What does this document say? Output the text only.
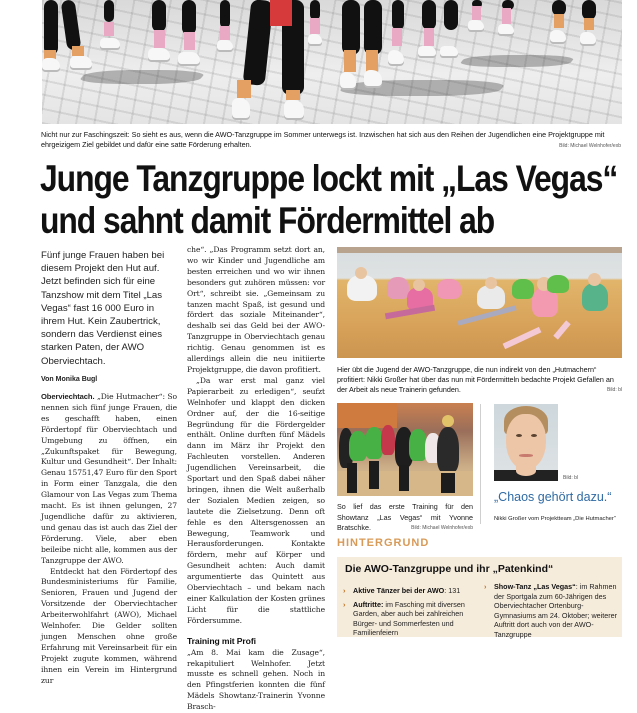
Nicht nur zur Faschingszeit: So sieht es aus, wenn die AWO-Tanzgruppe im Sommer unterwegs ist. Inzwischen hat sich aus den Reihen der Jugendlichen eine Projektgruppe mit ehrgeizigem Ziel gebildet und dafür eine satte Förderung erhalten.	Bild: Michael Welnhofer/exb
Junge Tanzgruppe lockt mit „Las Vegas“
und sahnt damit Fördermittel ab
Fünf junge Frauen haben bei diesem Projekt den Hut auf. Jetzt befinden sich für eine Tanzshow mit dem Titel „Las Vegas“ fast 16 000 Euro in ihrem Hut. Kein Zaubertrick, sondern das Verdienst eines starken Paten, der AWO Oberviechtach.
Von Monika Bugl

Oberviechtach. „Die Hutmacher“: So nennen sich fünf junge Frauen, die es geschafft haben, einen Fördertopf für Oberviechtach und Umgebung zu öffnen, ein „Zukunftspaket für Bewegung, Kultur und Gesundheit“. Der Inhalt: Genau 15751,47 Euro für den Sport in Form einer Tanzgala, die den Glamour von Las Vegas zum Thema macht. Es ist ihnen gelungen, 27 Jugendliche dafür zu aktivieren, und genau das ist auch das Ziel der Förderung. Viele, aber eben beileibe nicht alle, kommen aus der Tanzgruppe der AWO.

Entdeckt hat den Fördertopf des Bundesministeriums für Familie, Senioren, Frauen und Jugend der Vorsitzende der Oberviechtacher Arbeiterwohlfahrt (AWO), Michael Welnhofer. Die Gelder sollten jungen Menschen ohne große Erfahrung mit Vereinsarbeit für ein Projekt zugute kommen, während ihnen ein Verein im Hintergrund zur

che“. „Das Programm setzt dort an, wo wir Kinder und Jugendliche am besten erreichen und wo wir ihnen besonders gut zuhören müssen: vor Ort“, schreibt sie. „Gemeinsam zu tanzen macht Spaß, ist gesund und fördert das soziale Miteinander“, deshalb sei das Geld bei der AWO-Tanzgruppe in Oberviechtach genau richtig. Genau genommen ist es allerdings allein die neu initiierte Projektgruppe, die davon profitiert.

„Da war erst mal ganz viel Papierarbeit zu erledigen“, seufzt Welnhofer und klappt den dicken Ordner auf, der die 16-seitige Begründung für die Fördergelder enthält. Online durften fünf Mädels dann im März ihr Projekt den Fachleuten vorstellen. Anderen Jugendlichen Vereinsarbeit, die Sportart und den Spaß dabei näher bringen, ihnen die Welt außerhalb der Sozialen Medien zeigen, so lautete die Zielsetzung. Denn oft fehle es den Altersgenossen an Bewegung, Teamwork und Herausforderungen. Kontakte fördern, mehr auf Körper und Gesundheit achten: Auch damit argumentierte das Quintett aus Oberviechtach – und bekam nach einer Kalkulation der Kosten grünes Licht für die stattliche Fördersumme.

Training mit Profi

„Am 8. Mai kam die Zusage“, rekapituliert Welnhofer. Jetzt musste es schnell gehen. Noch in den Pfingstferien konnten die fünf Mädels Showtanz-Trainerin Yvonne Brasch-

Hier übt die Jugend der AWO-Tanzgruppe, die nun indirekt von den „Hutmachern“ profitiert: Nikki Großer hat über das nun mit Fördermitteln bedachte Projekt Gefallen an der Arbeit als neue Trainerin gefunden.	Bild: bl
So lief das erste Training für den Showtanz „Las Vegas“ mit Yvonne Bratschke.	Bild: Michael Welnhofer/exb
Bild: bl
„Chaos gehört dazu.“
Nikki Großer vom Projektteam „Die Hutmacher“
HINTERGRUND
Die AWO-Tanzgruppe und ihr „Patenkind“
› Aktive Tänzer bei der AWO: 131
› Auftritte: im Fasching mit diversen Garden, aber auch bei zahlreichen Bürger- und Sommerfesten und Familienfeiern
› Show-Tanz „Las Vegas“: im Rahmen der Sportgala zum 60-Jährigen des Oberviechtacher Ortenburg-Gymnasiums am 24. Oktober; weiterer Auftritt dort auch von der AWO-Tanzgruppe
